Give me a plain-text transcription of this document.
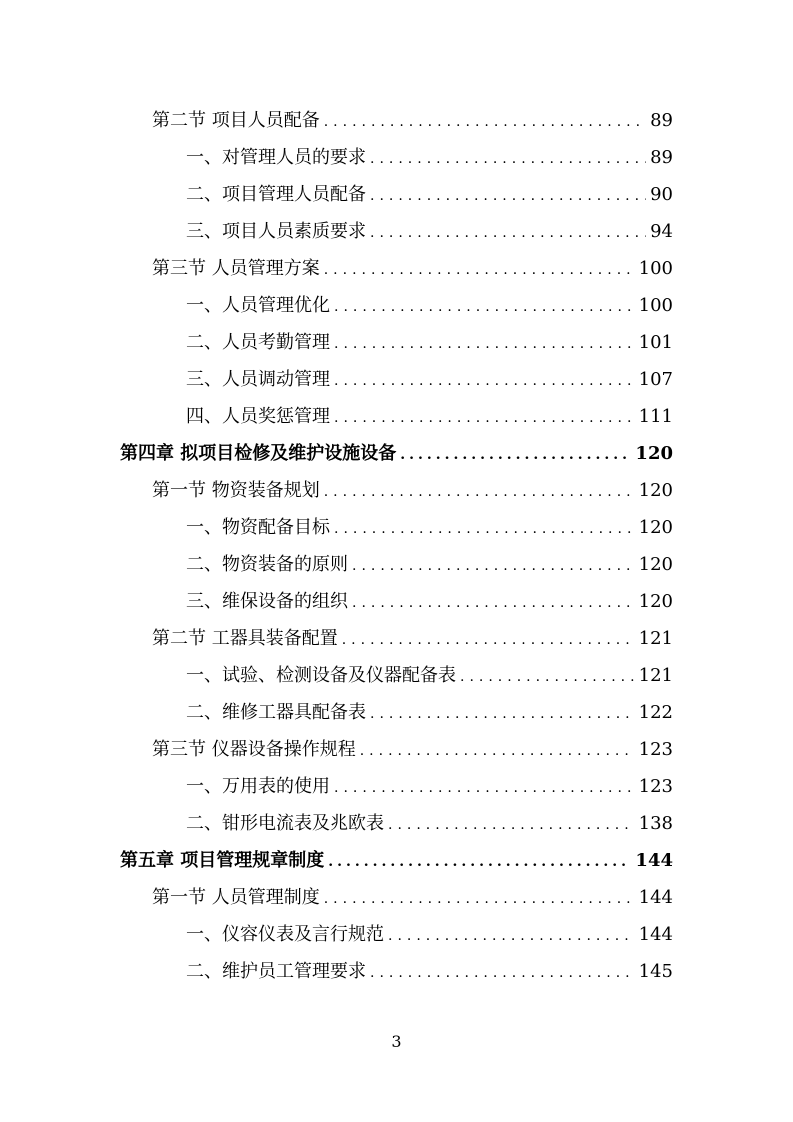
第二节 项目人员配备 .....	89
一、对管理人员的要求 .....	89
二、项目管理人员配备 .....	90
三、项目人员素质要求 .....	94
第三节 人员管理方案 .....	100
一、人员管理优化 .....	100
二、人员考勤管理 .....	101
三、人员调动管理 .....	107
四、人员奖惩管理 .....	111
第四章 拟项目检修及维护设施设备 .....	120
第一节 物资装备规划 .....	120
一、物资配备目标 .....	120
二、物资装备的原则 .....	120
三、维保设备的组织 .....	120
第二节 工器具装备配置 .....	121
一、试验、检测设备及仪器配备表 .....	121
二、维修工器具配备表 .....	122
第三节 仪器设备操作规程 .....	123
一、万用表的使用 .....	123
二、钳形电流表及兆欧表 .....	138
第五章 项目管理规章制度 .....	144
第一节 人员管理制度 .....	144
一、仪容仪表及言行规范 .....	144
二、维护员工管理要求 .....	145
3
